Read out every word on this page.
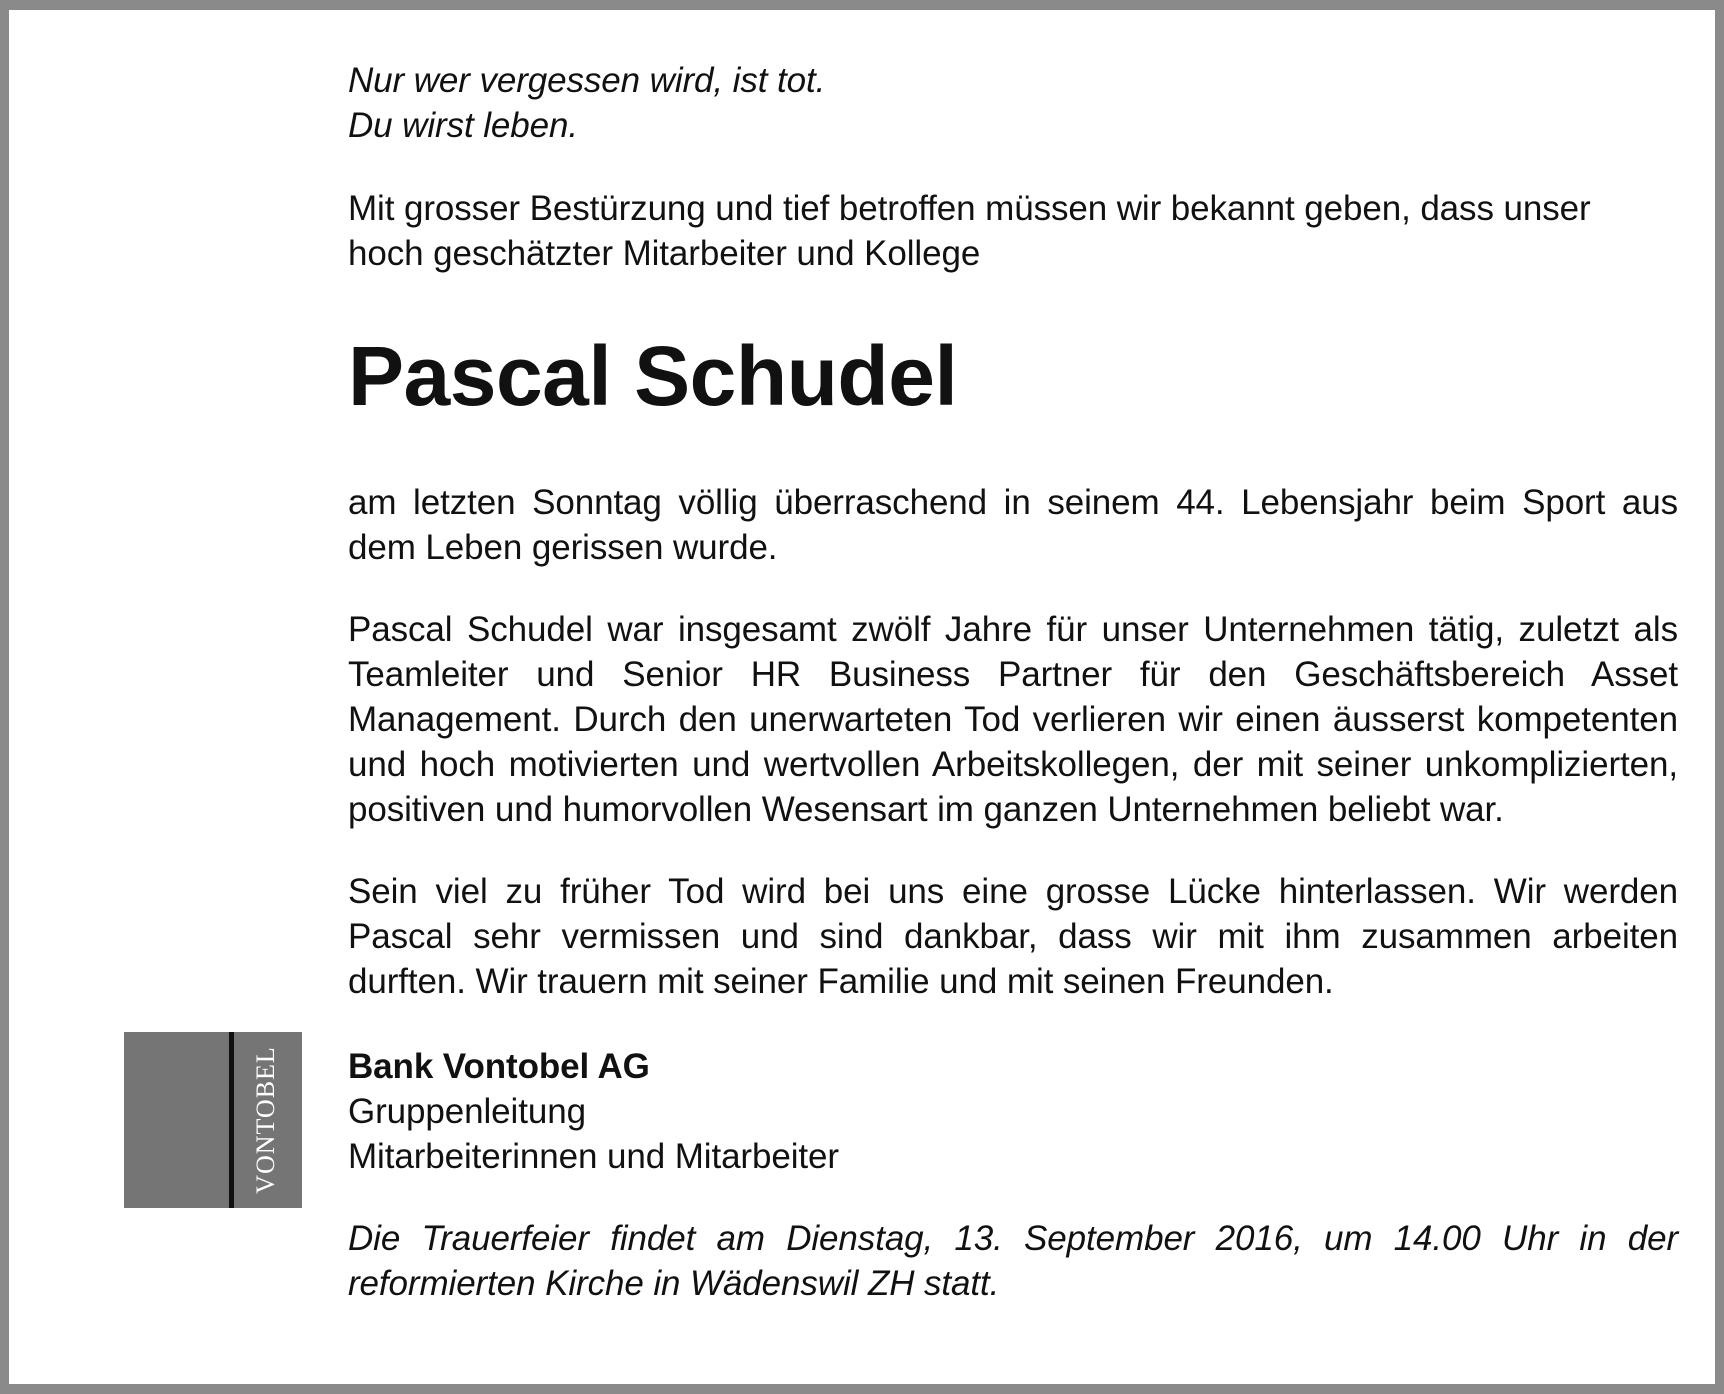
VONTOBEL

Nur wer vergessen wird, ist tot.

Du wirst leben.

Mit grosser Bestürzung und tief betroffen müssen wir bekannt geben, dass unser

hoch geschätzter Mitarbeiter und Kollege

Pascal Schudel

am letzten Sonntag völlig überraschend in seinem 44. Lebensjahr beim Sport aus dem Leben gerissen wurde.

Pascal Schudel war insgesamt zwölf Jahre für unser Unternehmen tätig, zuletzt als Teamleiter und Senior HR Business Partner für den Geschäftsbereich Asset Management. Durch den unerwarteten Tod verlieren wir einen äusserst kompetenten und hoch motivierten und wertvollen Arbeitskollegen, der mit seiner unkomplizierten, positiven und humorvollen Wesensart im ganzen Unternehmen beliebt war.

Sein viel zu früher Tod wird bei uns eine grosse Lücke hinterlassen. Wir werden Pascal sehr vermissen und sind dankbar, dass wir mit ihm zusammen arbeiten durften. Wir trauern mit seiner Familie und mit seinen Freunden.

Bank Vontobel AG

Gruppenleitung

Mitarbeiterinnen und Mitarbeiter

Die Trauerfeier findet am Dienstag, 13. September 2016, um 14.00 Uhr in der reformierten Kirche in Wädenswil ZH statt.
